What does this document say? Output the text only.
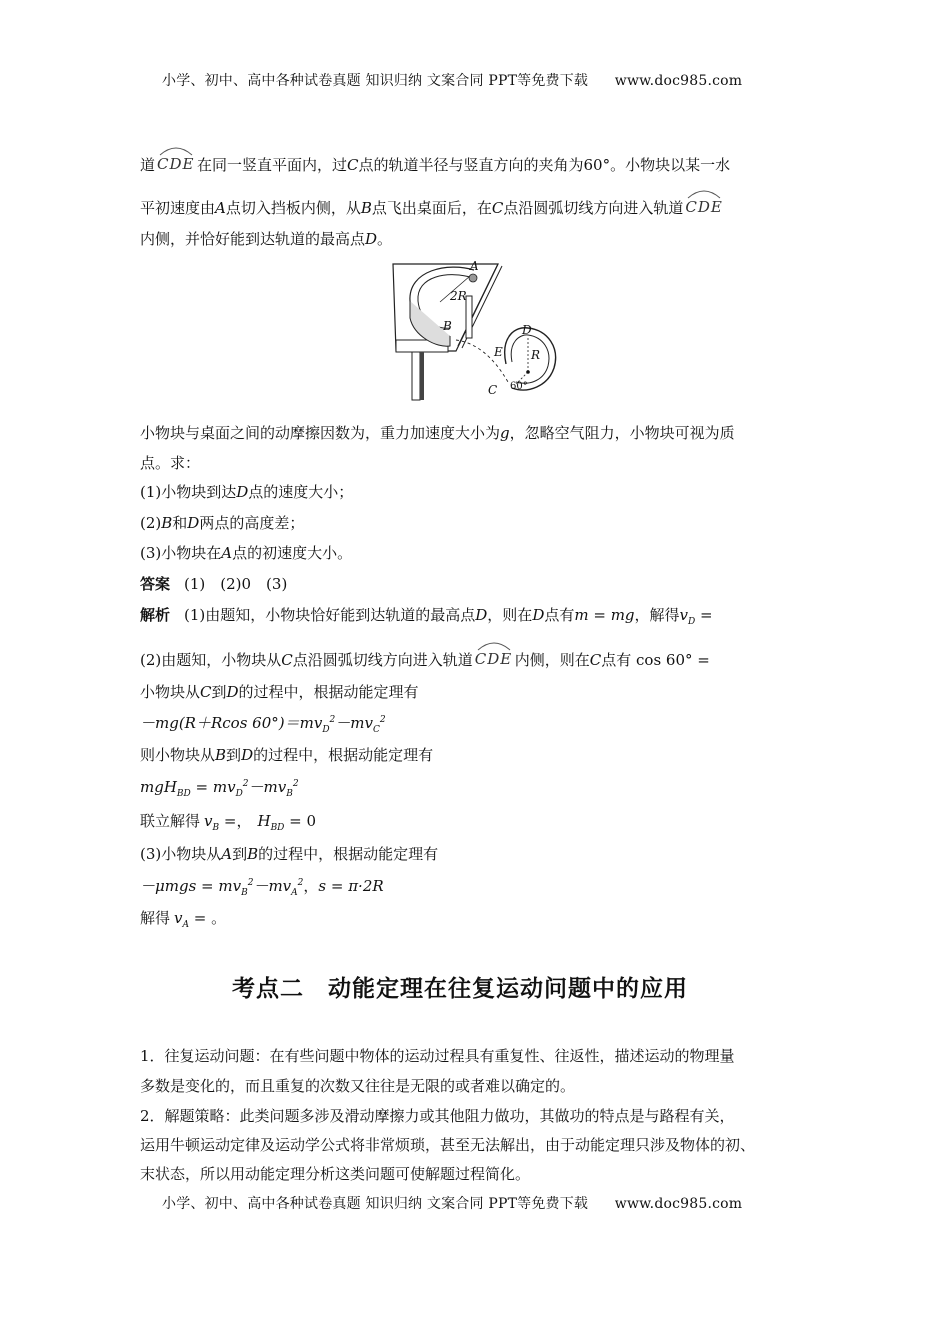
小学、初中、高中各种试卷真题 知识归纳 文案合同 PPT等免费下载 www.doc985.com
道 CDE 在同一竖直平面内，过C点的轨道半径与竖直方向的夹角为60°。小物块以某一水
平初速度由A点切入挡板内侧，从B点飞出桌面后，在C点沿圆弧切线方向进入轨道 CDE
内侧，并恰好能到达轨道的最高点D。
A
2R
B	D
E R
C 60°
小物块与桌面之间的动摩擦因数为，重力加速度大小为g，忽略空气阻力，小物块可视为质
点。求：
(1)小物块到达D点的速度大小；
(2)B和D两点的高度差；
(3)小物块在A点的初速度大小。
答案 (1)　(2)0　(3)
解析 (1)由题知，小物块恰好能到达轨道的最高点D，则在D点有m = mg，解得$v_D$ =
(2)由题知，小物块从C点沿圆弧切线方向进入轨道 CDE 内侧，则在C点有 cos 60° =
小物块从C到D的过程中，根据动能定理有
－mg(R＋Rcos $60^\circ)=mv_D^2-mv_C^2$
则小物块从B到D的过程中，根据动能定理有
$mgH_{BD} = mv_D^2-mv_B^2$
联立解得 $v_B$ =， $H_{BD} = 0$
(3)小物块从A到B的过程中，根据动能定理有
$-\mu mgs = mv_B^2-mv_A^2$，s = π·2R
解得 $v_A$ = 。
考点二　动能定理在往复运动问题中的应用
1．往复运动问题：在有些问题中物体的运动过程具有重复性、往返性，描述运动的物理量
多数是变化的，而且重复的次数又往往是无限的或者难以确定的。
2．解题策略：此类问题多涉及滑动摩擦力或其他阻力做功，其做功的特点是与路程有关，
运用牛顿运动定律及运动学公式将非常烦琐，甚至无法解出，由于动能定理只涉及物体的初、
末状态，所以用动能定理分析这类问题可使解题过程简化。
小学、初中、高中各种试卷真题 知识归纳 文案合同 PPT等免费下载 www.doc985.com
